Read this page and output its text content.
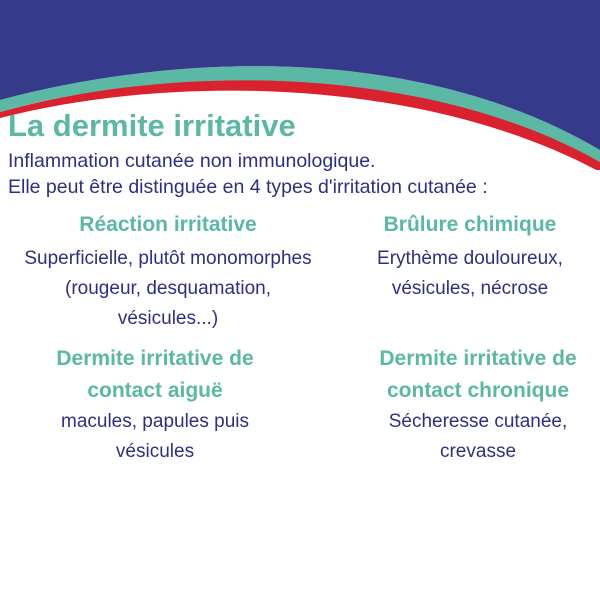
La dermite irritative
Inflammation cutanée non immunologique.
Elle peut être distinguée en 4 types d'irritation cutanée :
Réaction irritative
Superficielle, plutôt monomorphes
(rougeur, desquamation,
vésicules...)
Brûlure chimique
Erythème douloureux,
vésicules, nécrose
Dermite irritative de
contact aiguë
macules, papules puis
vésicules
Dermite irritative de
contact chronique
Sécheresse cutanée,
crevasse
